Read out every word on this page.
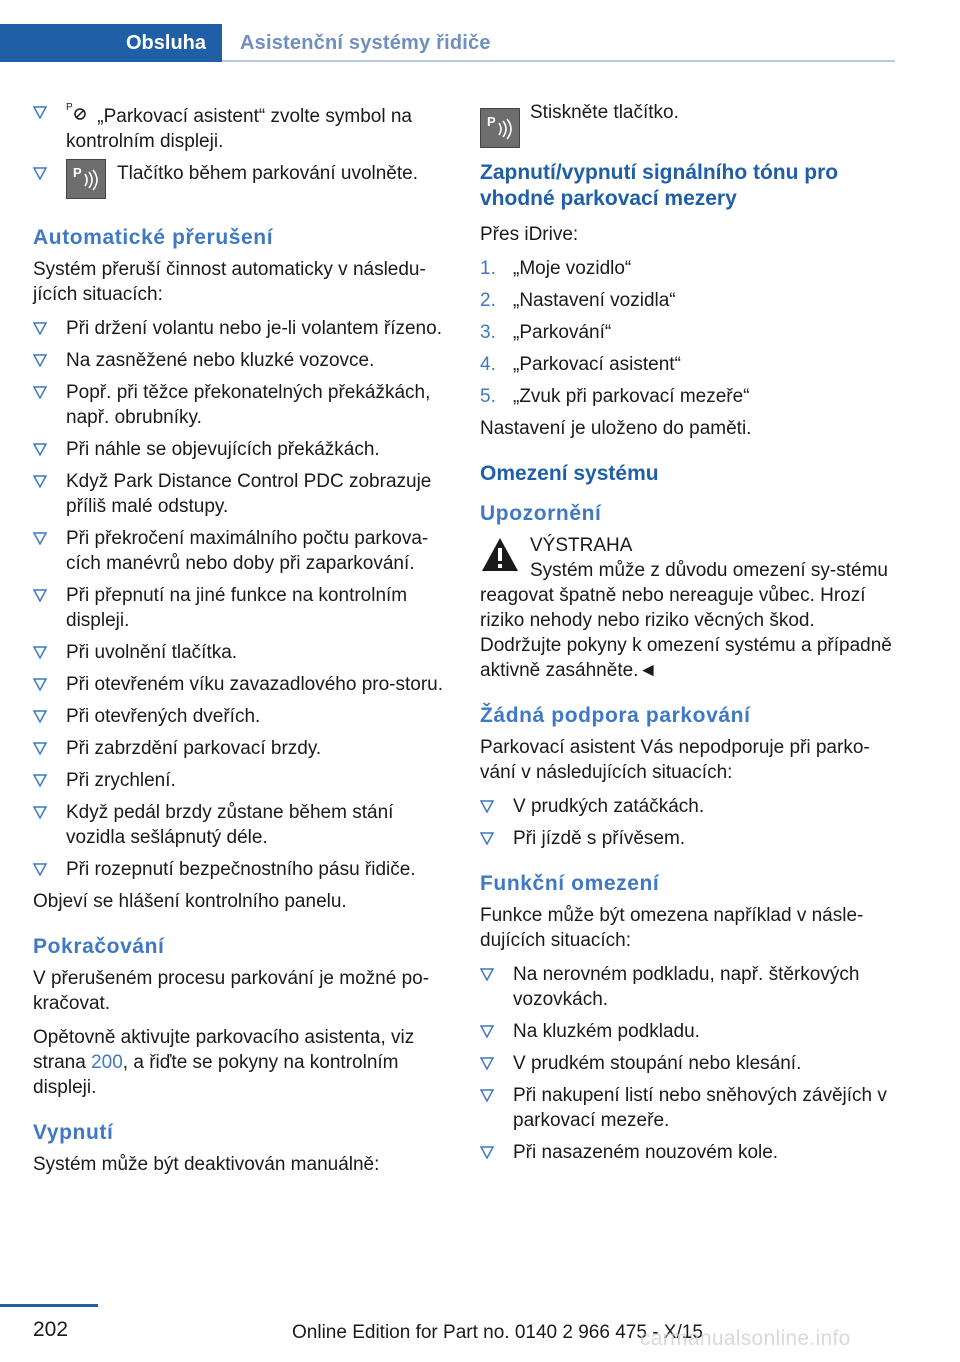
Obsluha	Asistenční systémy řidiče
P „Parkovací asistent“ zvolte symbol na kontrolním displeji.
P Tlačítko během parkování uvolněte.
Automatické přerušení

Systém přeruší činnost automaticky v následu-jících situacích:

Při držení volantu nebo je-li volantem řízeno.
Na zasněžené nebo kluzké vozovce.
Popř. při těžce překonatelných překážkách, např. obrubníky.
Při náhle se objevujících překážkách.
Když Park Distance Control PDC zobrazuje příliš malé odstupy.
Při překročení maximálního počtu parkova-cích manévrů nebo doby při zaparkování.
Při přepnutí na jiné funkce na kontrolním displeji.
Při uvolnění tlačítka.
Při otevřeném víku zavazadlového pro-storu.
Při otevřených dveřích.
Při zabrzdění parkovací brzdy.
Při zrychlení.
Když pedál brzdy zůstane během stání vozidla sešlápnutý déle.
Při rozepnutí bezpečnostního pásu řidiče.

Objeví se hlášení kontrolního panelu.

Pokračování

V přerušeném procesu parkování je možné po-kračovat.

Opětovně aktivujte parkovacího asistenta, viz strana 200, a řiďte se pokyny na kontrolním displeji.

Vypnutí

Systém může být deaktivován manuálně:

P Stiskněte tlačítko.

Zapnutí/vypnutí signálního tónu pro vhodné parkovací mezery

Přes iDrive:

1. „Moje vozidlo“
2. „Nastavení vozidla“
3. „Parkování“
4. „Parkovací asistent“
5. „Zvuk při parkovací mezeře“

Nastavení je uloženo do paměti.

Omezení systému
Upozornění

VÝSTRAHA

Systém může z důvodu omezení sy-stému reagovat špatně nebo nereaguje vůbec. Hrozí riziko nehody nebo riziko věcných škod. Dodržujte pokyny k omezení systému a případně aktivně zasáhněte.◄

Žádná podpora parkování

Parkovací asistent Vás nepodporuje při parko-vání v následujících situacích:

V prudkých zatáčkách.
Při jízdě s přívěsem.
Funkční omezení

Funkce může být omezena například v násle-dujících situacích:

Na nerovném podkladu, např. štěrkových vozovkách.
Na kluzkém podkladu.
V prudkém stoupání nebo klesání.
Při nakupení listí nebo sněhových závějích v parkovací mezeře.
Při nasazeném nouzovém kole.
202	Online Edition for Part no. 0140 2 966 475 - X/15
carmanualsonline.info
